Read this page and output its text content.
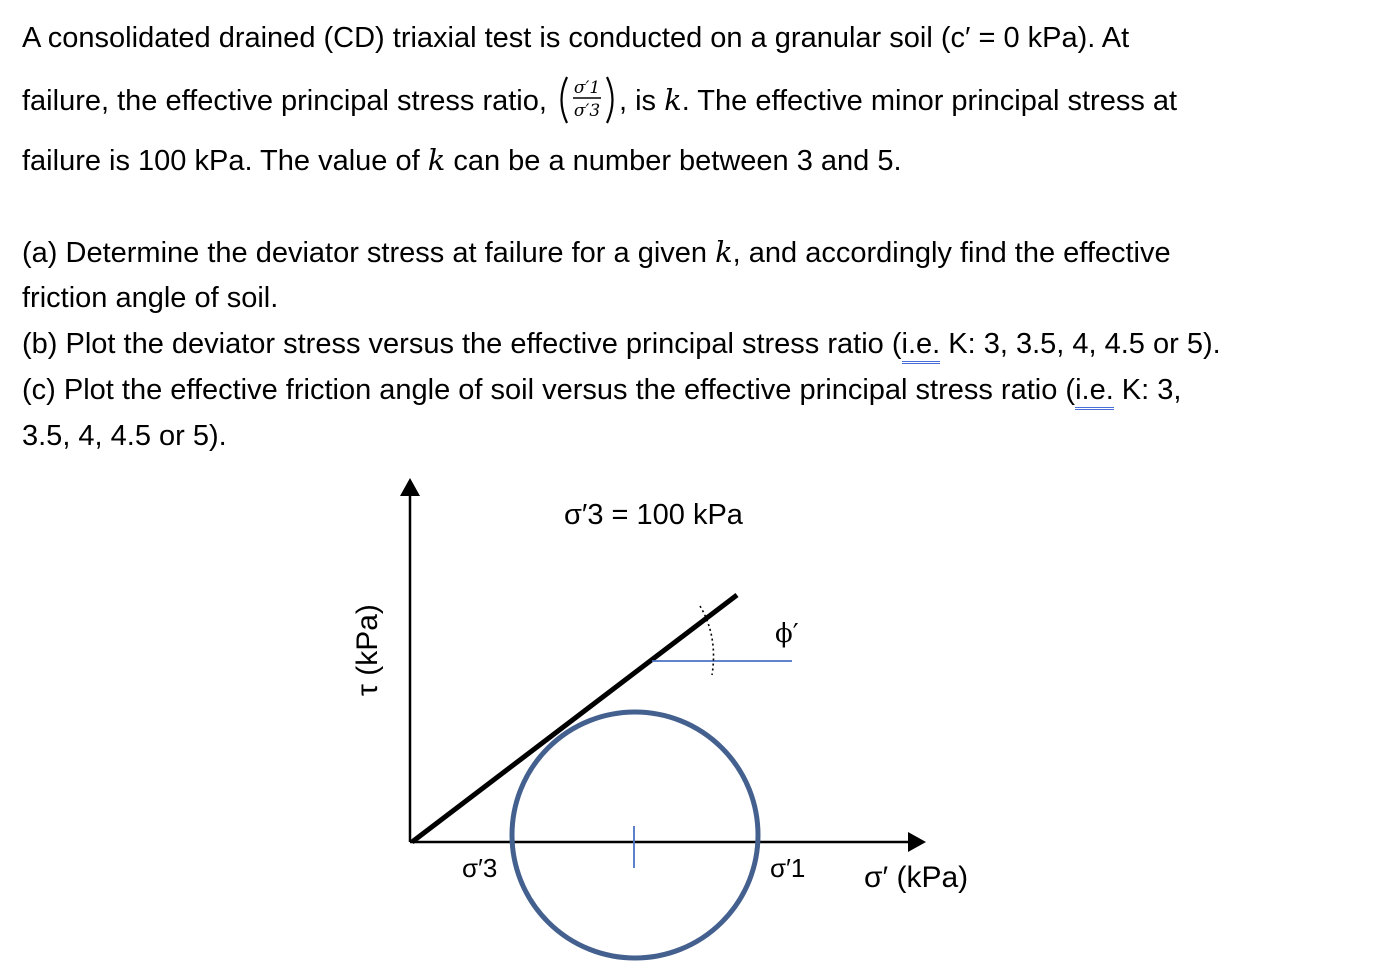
A consolidated drained (CD) triaxial test is conducted on a granular soil (c′ = 0 kPa). At
failure, the effective principal stress ratio, σ′1
σ′3 , is k. The effective minor principal stress at
failure is 100 kPa. The value of k can be a number between 3 and 5.
(a) Determine the deviator stress at failure for a given k, and accordingly find the effective
friction angle of soil.
(b) Plot the deviator stress versus the effective principal stress ratio (i.e. K: 3, 3.5, 4, 4.5 or 5).
(c) Plot the effective friction angle of soil versus the effective principal stress ratio (i.e. K: 3,
3.5, 4, 4.5 or 5).
σ′3 = 100 kPa
τ (kPa)
σ′ (kPa)
σ′3	σ′1
ϕ′
